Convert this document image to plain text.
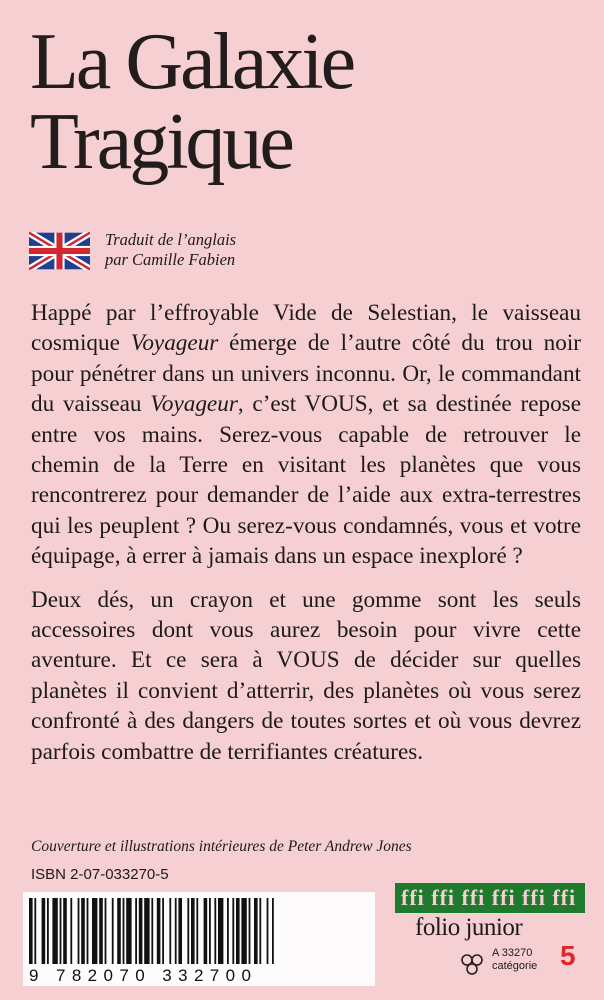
La Galaxie
Tragique
Traduit de l’anglais
par Camille Fabien

Happé par l’effroyable Vide de Selestian, le vaisseau cosmique Voyageur émerge de l’autre côté du trou noir pour pénétrer dans un univers inconnu. Or, le commandant du vaisseau Voyageur, c’est VOUS, et sa destinée repose entre vos mains. Serez-vous capable de retrouver le chemin de la Terre en visitant les planètes que vous rencontrerez pour demander de l’aide aux extra-terrestres qui les peuplent ? Ou serez-vous condamnés, vous et votre équipage, à errer à jamais dans un espace inexploré ?

Deux dés, un crayon et une gomme sont les seuls accessoires dont vous aurez besoin pour vivre cette aventure. Et ce sera à VOUS de décider sur quelles planètes il convient d’atterrir, des planètes où vous serez confronté à des dangers de toutes sortes et où vous devrez parfois combattre de terrifiantes créatures.

Couverture et illustrations intérieures de Peter Andrew Jones
ISBN 2-07-033270-5
9 782070 332700
ffi ffi ffi ffi ffi ffi
folio junior
A 33270
catégorie 5
